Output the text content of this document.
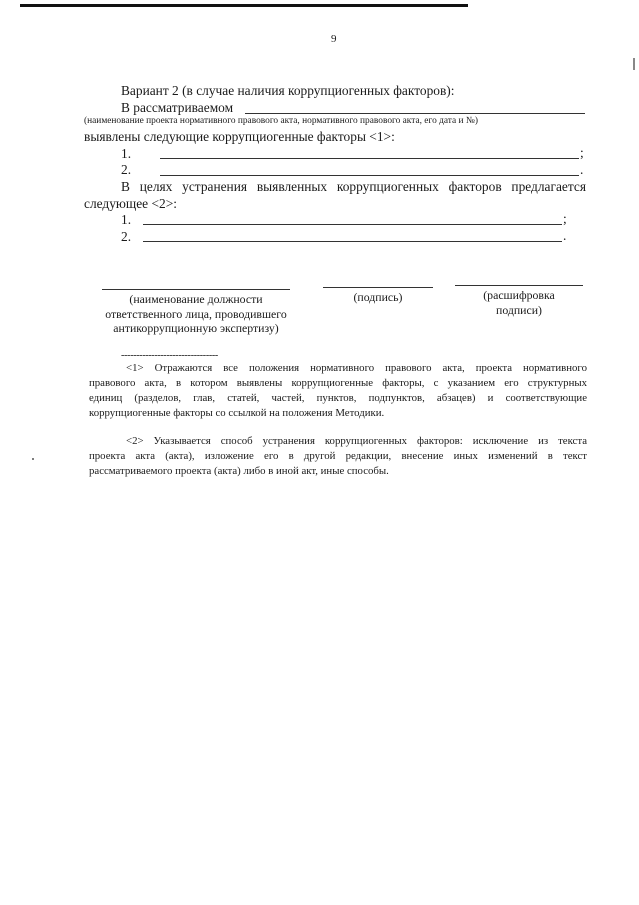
9
Вариант 2 (в случае наличия коррупциогенных факторов):
В рассматриваемом
(наименование проекта нормативного правового акта, нормативного правового акта, его дата и №)
выявлены следующие коррупциогенные факторы <1>:
1.	;
2.	.
В целях устранения выявленных коррупциогенных факторов предлагается
следующее <2>:
1.	;
2.	.
(наименование должности
ответственного лица, проводившего
антикоррупционную экспертизу)
(подпись)	(расшифровка
подписи)
--------------------------------
<1> Отражаются все положения нормативного правового акта, проекта нормативного
правового акта, в котором выявлены коррупциогенные факторы, с указанием его структурных
единиц (разделов, глав, статей, частей, пунктов, подпунктов, абзацев) и соответствующие
коррупциогенные факторы со ссылкой на положения Методики.
<2> Указывается способ устранения коррупциогенных факторов: исключение из текста
проекта акта (акта), изложение его в другой редакции, внесение иных изменений в текст
рассматриваемого проекта (акта) либо в иной акт, иные способы.
